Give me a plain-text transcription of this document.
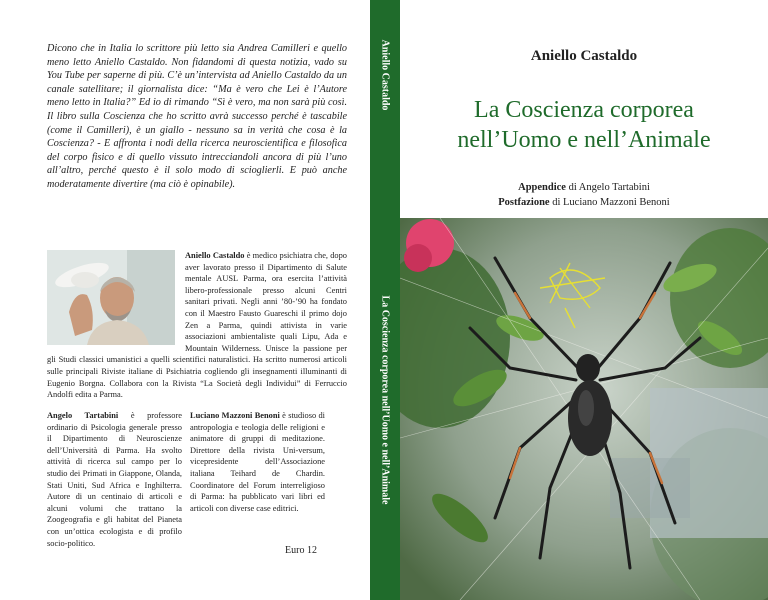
Dicono che in Italia lo scrittore più letto sia Andrea Camilleri e quello meno letto Aniello Castaldo. Non fidandomi di questa notizia, vado su You Tube per saperne di più. C’è un’intervista ad Aniello Castaldo da un canale satellitare; il giornalista dice: “Ma è vero che Lei è l’Autore meno letto in Italia?” Ed io di rimando “Sì è vero, ma non sarà più così. Il libro sulla Coscienza che ho scritto avrà successo perché è tascabile (come il Camilleri), è un giallo - nessuno sa in verità che cosa è la Coscienza? - E affronta i nodi della ricerca neuroscientifica e filosofica del corpo fisico e di quello vissuto intrecciandoli ancora di più l’uno all’altro, perché questo è il solo modo di scioglierli. E può anche moderatamente divertire (ma ciò è opinabile).
Aniello Castaldo è medico psichiatra che, dopo aver lavorato presso il Dipartimento di Salute mentale AUSL Parma, ora esercita l’attività libero-professionale presso alcuni Centri sanitari privati. Negli anni ’80-’90 ha fondato con il Maestro Fausto Guareschi il primo dojo Zen a Parma, quindi attivista in varie associazioni ambientaliste quali Lipu, Ada e Mountain Wilderness. Unisce la passione per gli Studi classici umanistici a quelli scientifici naturalistici. Ha scritto numerosi articoli sulle principali Riviste italiane di Psichiatria cogliendo gli insegnamenti illuminanti di Eugenio Borgna. Collabora con la Rivista “La Società degli Individui” di Ferruccio Andolfi edita a Parma.
Angelo Tartabini è professore ordinario di Psicologia generale presso il Dipartimento di Neuroscienze dell’Università di Parma. Ha svolto attività di ricerca sul campo per lo studio dei Primati in Giappone, Olanda, Stati Uniti, Sud Africa e Inghilterra. Autore di un centinaio di articoli e alcuni volumi che trattano la Zoogeografia e gli habitat del Pianeta con un’ottica ecologista e di profilo socio-politico.
Luciano Mazzoni Benoni è studioso di antropologia e teologia delle religioni e animatore di gruppi di meditazione. Direttore della rivista Uni-versum, vicepresidente dell’Associazione italiana Teihard de Chardin. Coordinatore del Forum interreligioso di Parma: ha pubblicato vari libri ed articoli con diverse case editrici.
Euro 12
Aniello Castaldo
La Coscienza corporea nell’Uomo e nell’Animale
Aniello Castaldo
La Coscienza corporea
nell’Uomo e nell’Animale
Appendice di Angelo Tartabini
Postfazione di Luciano Mazzoni Benoni
